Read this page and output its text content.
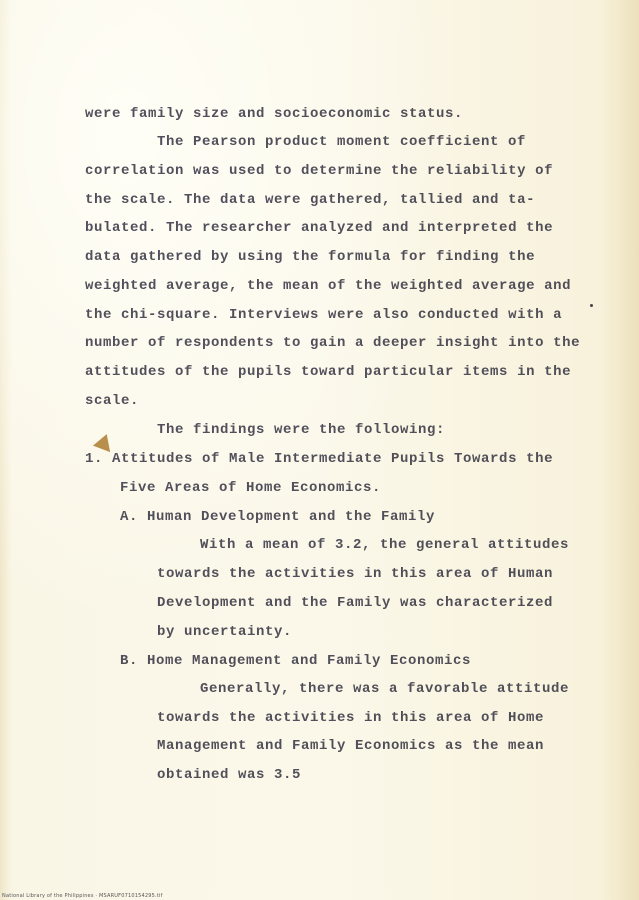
were family size and socioeconomic status.
The Pearson product moment coefficient of
correlation was used to determine the reliability of
the scale. The data were gathered, tallied and ta-
bulated. The researcher analyzed and interpreted the
data gathered by using the formula for finding the
weighted average, the mean of the weighted average and
the chi-square. Interviews were also conducted with a
number of respondents to gain a deeper insight into the
attitudes of the pupils toward particular items in the
scale.
The findings were the following:
1. Attitudes of Male Intermediate Pupils Towards the
Five Areas of Home Economics.
A. Human Development and the Family
With a mean of 3.2, the general attitudes
towards the activities in this area of Human
Development and the Family was characterized
by uncertainty.
B. Home Management and Family Economics
Generally, there was a favorable attitude
towards the activities in this area of Home
Management and Family Economics as the mean
obtained was 3.5
National Library of the Philippines · MSARUF0710154295.tif
